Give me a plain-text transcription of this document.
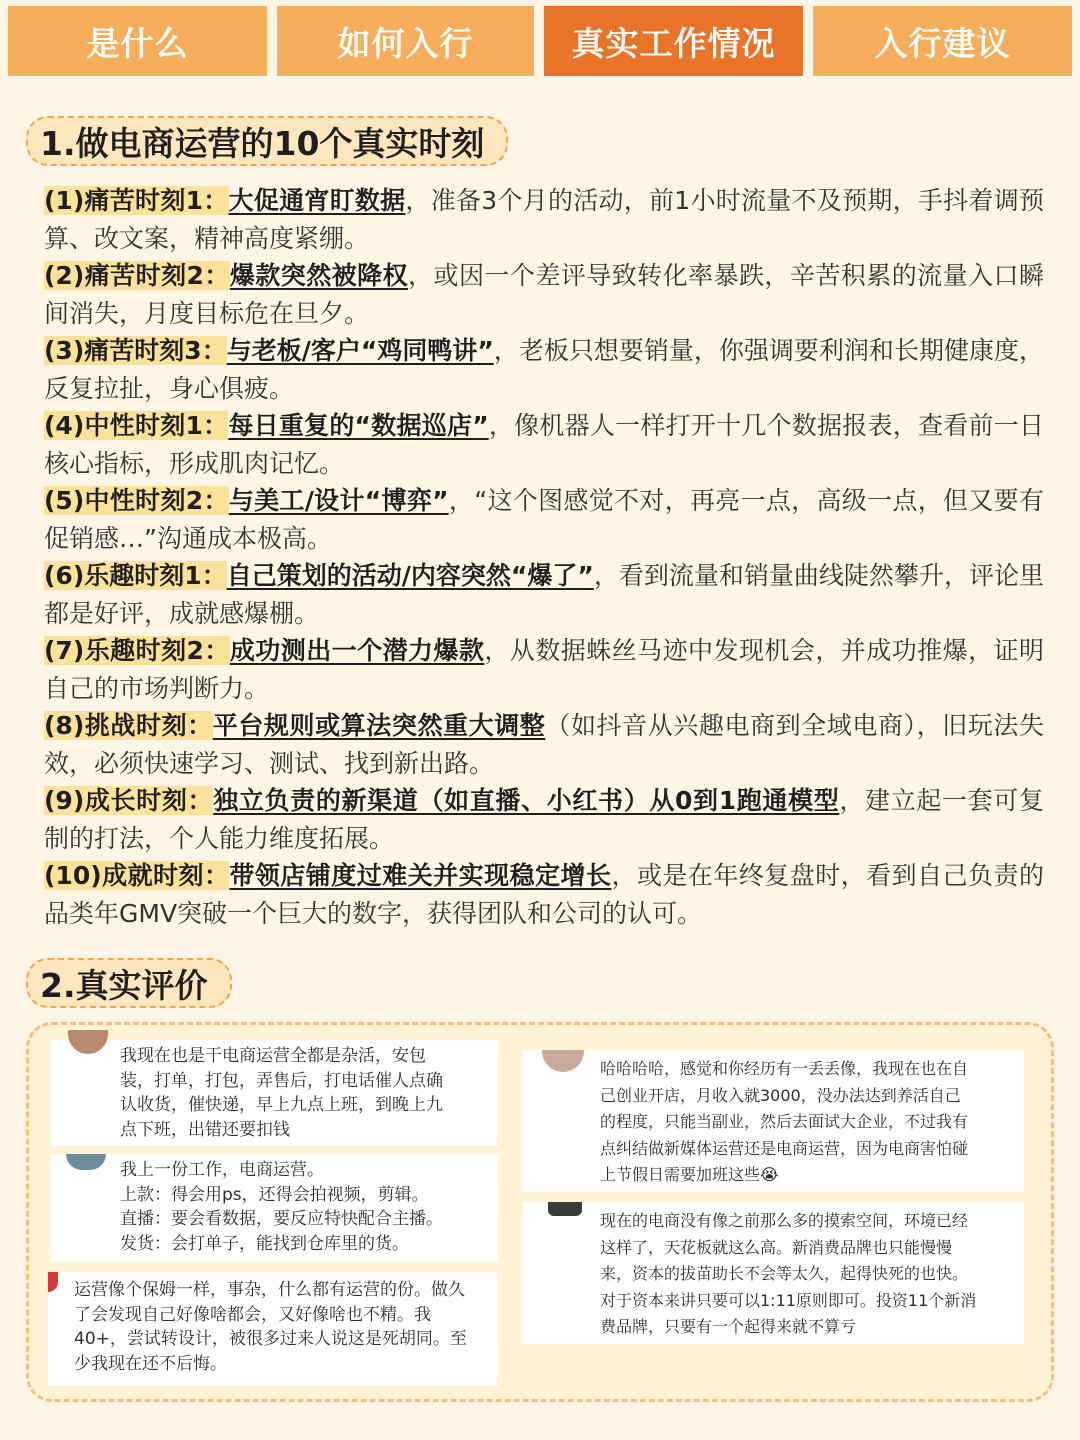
是什么	如何入行	真实工作情况	入行建议
1.做电商运营的10个真实时刻

(1)痛苦时刻1：大促通宵盯数据，准备3个月的活动，前1小时流量不及预期，手抖着调预算、改文案，精神高度紧绷。

(2)痛苦时刻2：爆款突然被降权，或因一个差评导致转化率暴跌，辛苦积累的流量入口瞬间消失，月度目标危在旦夕。

(3)痛苦时刻3：与老板/客户“鸡同鸭讲”，老板只想要销量，你强调要利润和长期健康度，反复拉扯，身心俱疲。

(4)中性时刻1：每日重复的“数据巡店”，像机器人一样打开十几个数据报表，查看前一日核心指标，形成肌肉记忆。

(5)中性时刻2：与美工/设计“博弈”，“这个图感觉不对，再亮一点，高级一点，但又要有促销感…”沟通成本极高。

(6)乐趣时刻1：自己策划的活动/内容突然“爆了”，看到流量和销量曲线陡然攀升，评论里都是好评，成就感爆棚。

(7)乐趣时刻2：成功测出一个潜力爆款，从数据蛛丝马迹中发现机会，并成功推爆，证明自己的市场判断力。

(8)挑战时刻：平台规则或算法突然重大调整（如抖音从兴趣电商到全域电商），旧玩法失效，必须快速学习、测试、找到新出路。

(9)成长时刻：独立负责的新渠道（如直播、小红书）从0到1跑通模型，建立起一套可复制的打法，个人能力维度拓展。

(10)成就时刻：带领店铺度过难关并实现稳定增长，或是在年终复盘时，看到自己负责的品类年GMV突破一个巨大的数字，获得团队和公司的认可。

2.真实评价
我现在也是干电商运营全都是杂活，安包
装，打单，打包，弄售后，打电话催人点确
认收货，催快递，早上九点上班，到晚上九
点下班，出错还要扣钱
我上一份工作，电商运营。
上款：得会用ps，还得会拍视频，剪辑。
直播：要会看数据，要反应特快配合主播。
发货：会打单子，能找到仓库里的货。
运营像个保姆一样，事杂，什么都有运营的份。做久
了会发现自己好像啥都会，又好像啥也不精。我
40+，尝试转设计，被很多过来人说这是死胡同。至
少我现在还不后悔。
哈哈哈哈，感觉和你经历有一丢丢像，我现在也在自
己创业开店，月收入就3000，没办法达到养活自己
的程度，只能当副业，然后去面试大企业，不过我有
点纠结做新媒体运营还是电商运营，因为电商害怕碰
上节假日需要加班这些😭
现在的电商没有像之前那么多的摸索空间，环境已经
这样了，天花板就这么高。新消费品牌也只能慢慢
来，资本的拔苗助长不会等太久，起得快死的也快。
对于资本来讲只要可以1:11原则即可。投资11个新消
费品牌，只要有一个起得来就不算亏
